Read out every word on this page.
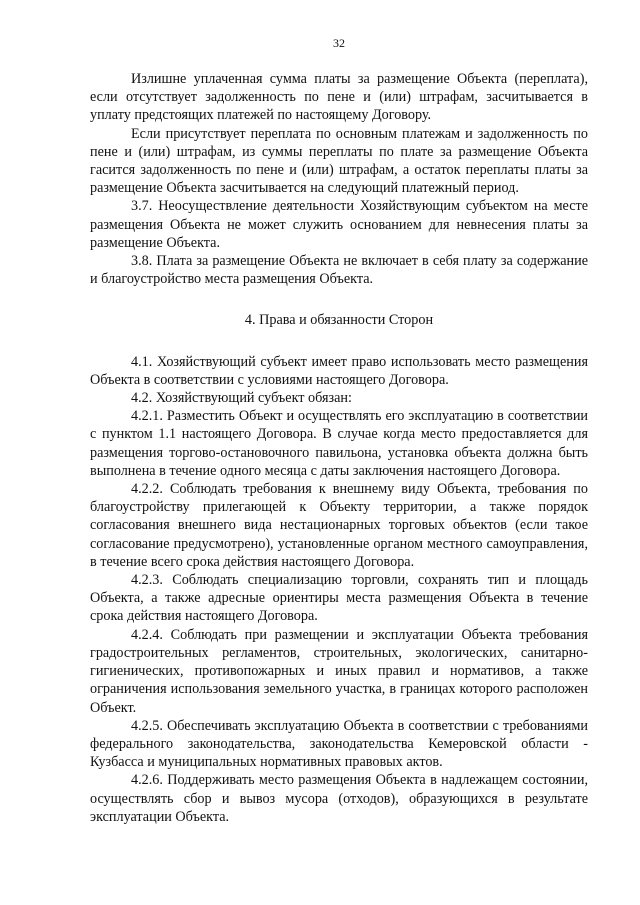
32

Излишне уплаченная сумма платы за размещение Объекта (переплата), если отсутствует задолженность по пене и (или) штрафам, засчитывается в уплату предстоящих платежей по настоящему Договору.

Если присутствует переплата по основным платежам и задолженность по пене и (или) штрафам, из суммы переплаты по плате за размещение Объекта гасится задолженность по пене и (или) штрафам, а остаток переплаты платы за размещение Объекта засчитывается на следующий платежный период.

3.7. Неосуществление деятельности Хозяйствующим субъектом на месте размещения Объекта не может служить основанием для невнесения платы за размещение Объекта.

3.8. Плата за размещение Объекта не включает в себя плату за содержание и благоустройство места размещения Объекта.

4. Права и обязанности Сторон

4.1. Хозяйствующий субъект имеет право использовать место размещения Объекта в соответствии с условиями настоящего Договора.

4.2. Хозяйствующий субъект обязан:

4.2.1. Разместить Объект и осуществлять его эксплуатацию в соответствии с пунктом 1.1 настоящего Договора. В случае когда место предоставляется для размещения торгово-остановочного павильона, установка объекта должна быть выполнена в течение одного месяца с даты заключения настоящего Договора.

4.2.2. Соблюдать требования к внешнему виду Объекта, требования по благоустройству прилегающей к Объекту территории, а также порядок согласования внешнего вида нестационарных торговых объектов (если такое согласование предусмотрено), установленные органом местного самоуправления, в течение всего срока действия настоящего Договора.

4.2.3. Соблюдать специализацию торговли, сохранять тип и площадь Объекта, а также адресные ориентиры места размещения Объекта в течение срока действия настоящего Договора.

4.2.4. Соблюдать при размещении и эксплуатации Объекта требования градостроительных регламентов, строительных, экологических, санитарно-гигиенических, противопожарных и иных правил и нормативов, а также ограничения использования земельного участка, в границах которого расположен Объект.

4.2.5. Обеспечивать эксплуатацию Объекта в соответствии с требованиями федерального законодательства, законодательства Кемеровской области - Кузбасса и муниципальных нормативных правовых актов.

4.2.6. Поддерживать место размещения Объекта в надлежащем состоянии, осуществлять сбор и вывоз мусора (отходов), образующихся в результате эксплуатации Объекта.
